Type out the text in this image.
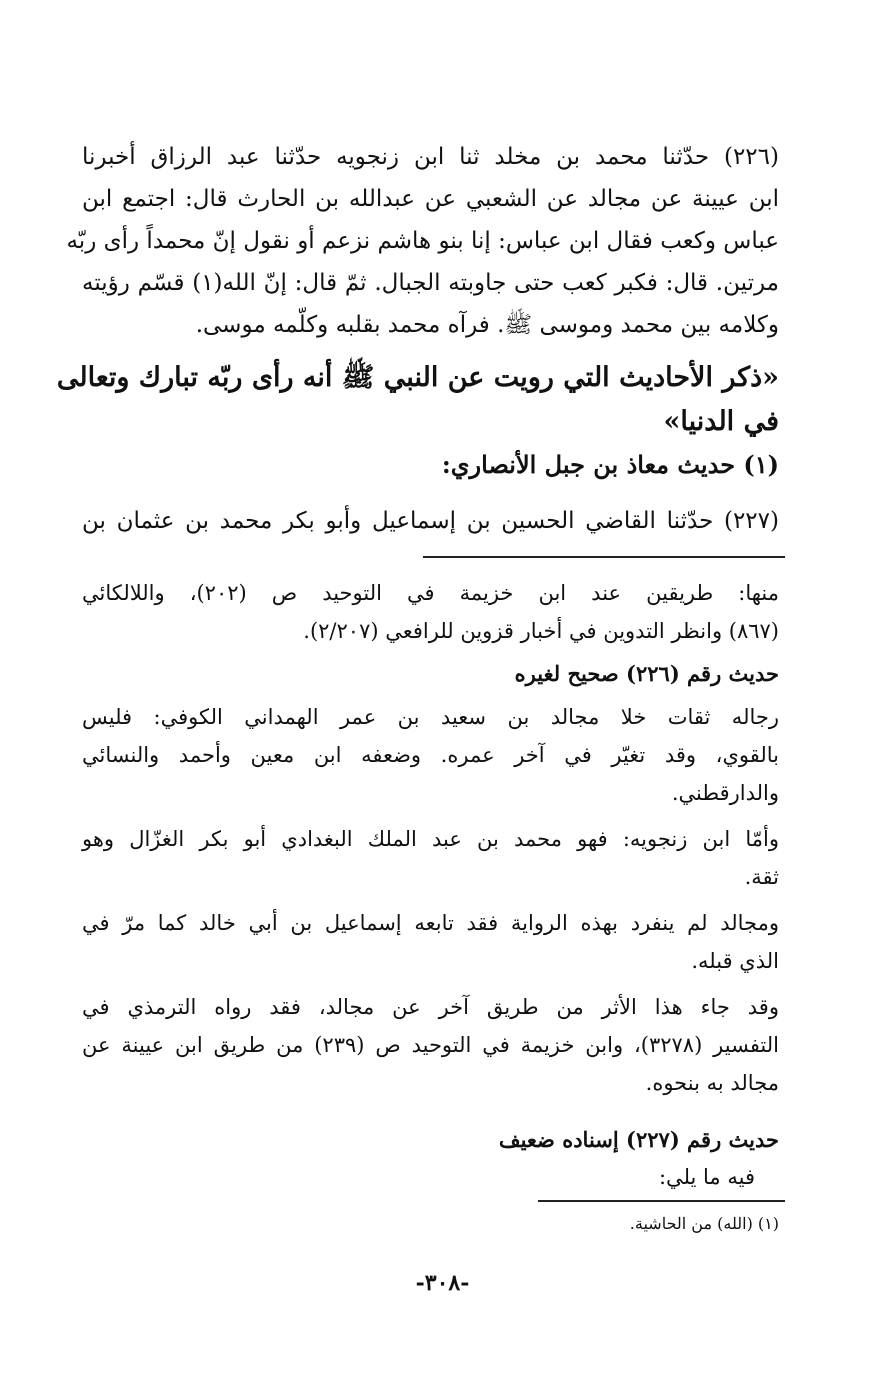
(٢٢٦) حدّثنا محمد بن مخلد ثنا ابن زنجويه حدّثنا عبد الرزاق أخبرنا
ابن عيينة عن مجالد عن الشعبي عن عبدالله بن الحارث قال: اجتمع ابن
عباس وكعب فقال ابن عباس: إنا بنو هاشم نزعم أو نقول إنّ محمداً رأى ربّه
مرتين. قال: فكبر كعب حتى جاوبته الجبال. ثمّ قال: إنّ الله(١) قسّم رؤيته
وكلامه بين محمد وموسى ﷺ. فرآه محمد بقلبه وكلّمه موسى.
«ذكر الأحاديث التي رويت عن النبي ﷺ أنه رأى ربّه تبارك وتعالى
في الدنيا»
(١) حديث معاذ بن جبل الأنصاري:
(٢٢٧) حدّثنا القاضي الحسين بن إسماعيل وأبو بكر محمد بن عثمان بن
منها: طريقين عند ابن خزيمة في التوحيد ص (٢٠٢)، واللالكائي
(٨٦٧) وانظر التدوين في أخبار قزوين للرافعي (٢/٢٠٧).
حديث رقم (٢٢٦) صحيح لغيره
رجاله ثقات خلا مجالد بن سعيد بن عمر الهمداني الكوفي: فليس
بالقوي، وقد تغيّر في آخر عمره. وضعفه ابن معين وأحمد والنسائي
والدارقطني.
وأمّا ابن زنجويه: فهو محمد بن عبد الملك البغدادي أبو بكر الغزّال وهو
ثقة.
ومجالد لم ينفرد بهذه الرواية فقد تابعه إسماعيل بن أبي خالد كما مرّ في
الذي قبله.
وقد جاء هذا الأثر من طريق آخر عن مجالد، فقد رواه الترمذي في
التفسير (٣٢٧٨)، وابن خزيمة في التوحيد ص (٢٣٩) من طريق ابن عيينة عن
مجالد به بنحوه.
حديث رقم (٢٢٧) إسناده ضعيف
فيه ما يلي:
(١) (الله) من الحاشية.
-٣٠٨-
